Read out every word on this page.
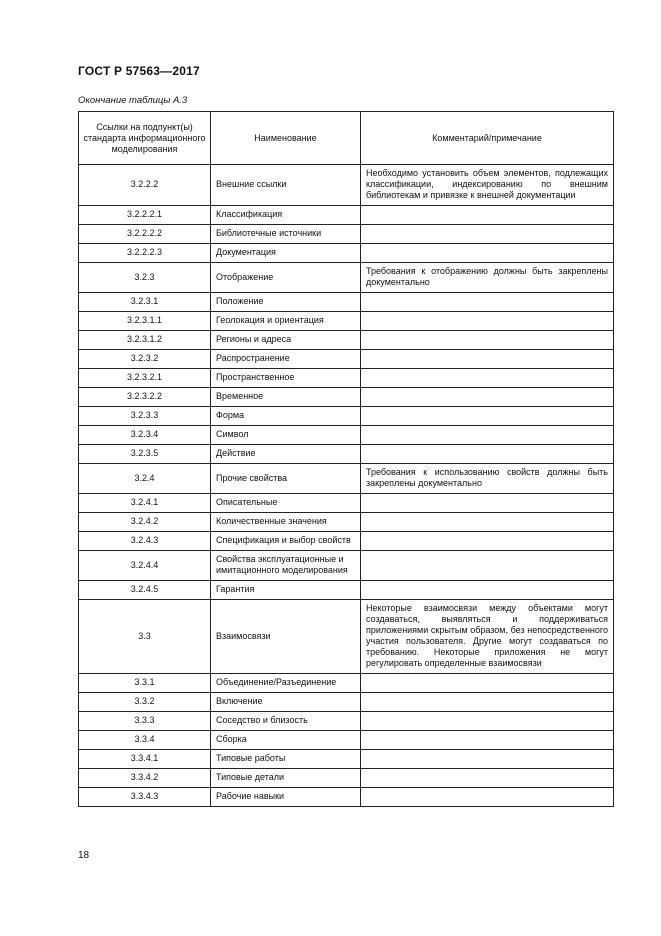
ГОСТ Р 57563—2017
Окончание таблицы А.3
Ссылки на подпункт(ы) стандарта информационного моделирования	Наименование	Комментарий/примечание
3.2.2.2	Внешние ссылки	Необходимо установить объем элементов, подлежащих классификации, индексированию по внешним библиотекам и привязке к внешней документации
3.2.2.2.1	Классификация	
3.2.2.2.2	Библиотечные источники	
3.2.2.2.3	Документация	
3.2.3	Отображение	Требования к отображению должны быть закреплены документально
3.2.3.1	Положение	
3.2.3.1.1	Геолокация и ориентация	
3.2.3.1.2	Регионы и адреса	
3.2.3.2	Распространение	
3.2.3.2.1	Пространственное	
3.2.3.2.2	Временное	
3.2.3.3	Форма	
3.2.3.4	Символ	
3.2.3.5	Действие	
3.2.4	Прочие свойства	Требования к использованию свойств должны быть закреплены документально
3.2.4.1	Описательные	
3.2.4.2	Количественные значения	
3.2.4.3	Спецификация и выбор свойств	
3.2.4.4	Свойства эксплуатационные и имитационного моделирования	
3.2.4.5	Гарантия	
3.3	Взаимосвязи	Некоторые взаимосвязи между объектами могут создаваться, выявляться и поддерживаться приложениями скрытым образом, без непосредственного участия пользователя. Другие могут создаваться по требованию. Некоторые приложения не могут регулировать определенные взаимосвязи
3.3.1	Объединение/Разъединение	
3.3.2	Включение	
3.3.3	Соседство и близость	
3.3.4	Сборка	
3.3.4.1	Типовые работы	
3.3.4.2	Типовые детали	
3.3.4.3	Рабочие навыки	
18
